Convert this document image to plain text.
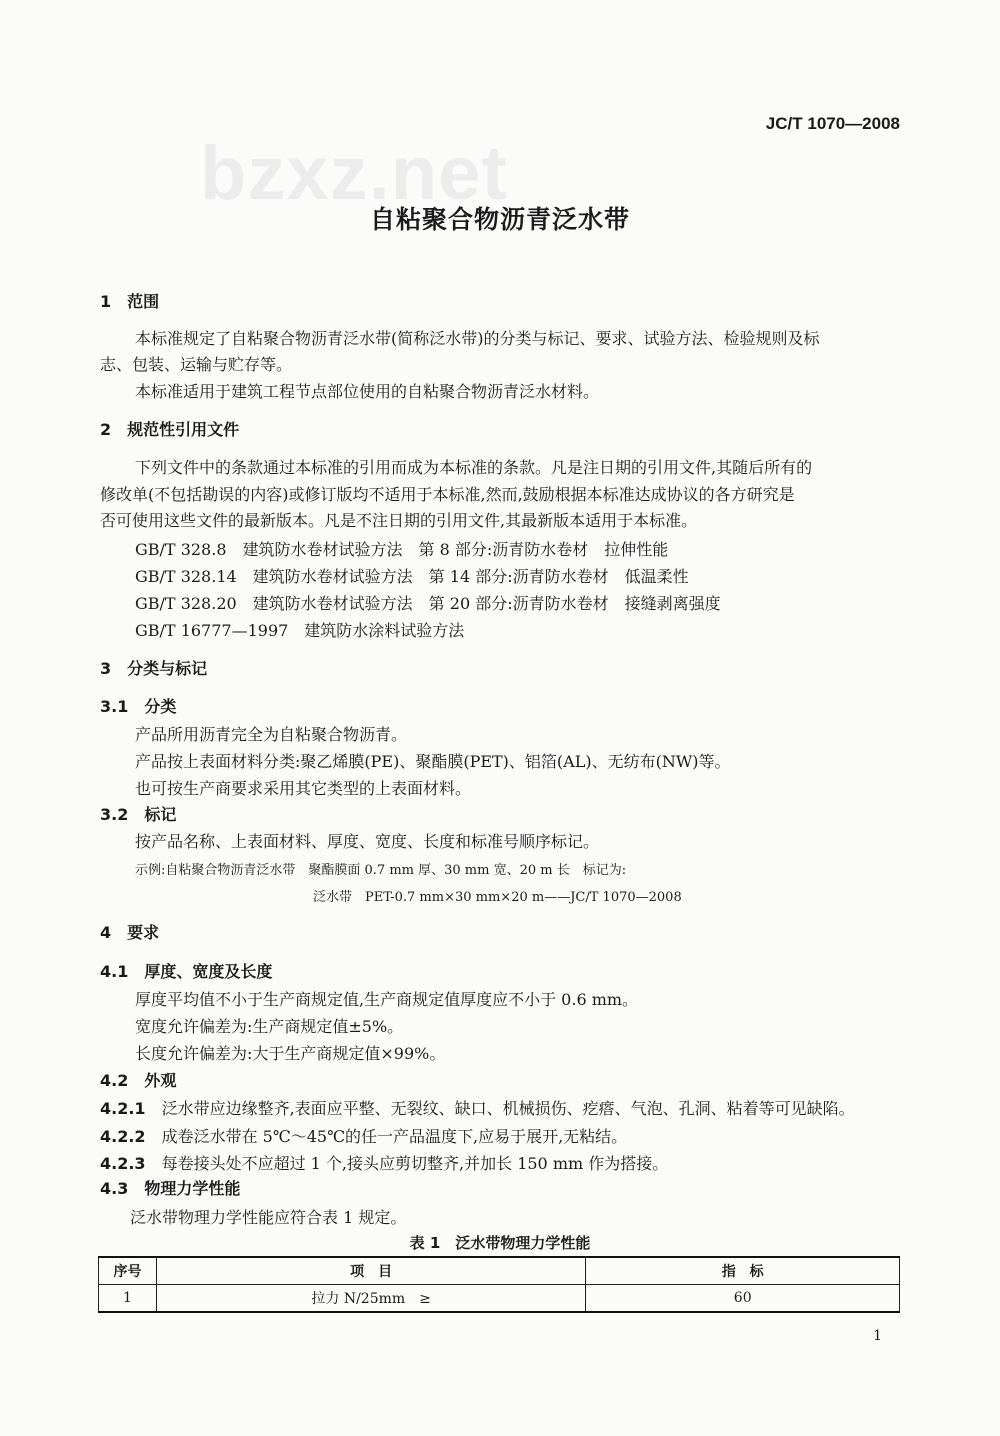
bzxz.net
JC/T 1070—2008
自粘聚合物沥青泛水带
1　 范围
本标准规定了自粘聚合物沥青泛水带(简称泛水带)的分类与标记、要求、试验方法、检验规则及标
志、包装、运输与贮存等。
本标准适用于建筑工程节点部位使用的自粘聚合物沥青泛水材料。
2　 规范性引用文件
下列文件中的条款通过本标准的引用而成为本标准的条款。凡是注日期的引用文件,其随后所有的
修改单(不包括勘误的内容)或修订版均不适用于本标准,然而,鼓励根据本标准达成协议的各方研究是
否可使用这些文件的最新版本。凡是不注日期的引用文件,其最新版本适用于本标准。
GB/T 328.8　建筑防水卷材试验方法　第 8 部分:沥青防水卷材　拉伸性能
GB/T 328.14　建筑防水卷材试验方法　第 14 部分:沥青防水卷材　低温柔性
GB/T 328.20　建筑防水卷材试验方法　第 20 部分:沥青防水卷材　接缝剥离强度
GB/T 16777—1997　建筑防水涂料试验方法
3　 分类与标记
3.1　 分类
产品所用沥青完全为自粘聚合物沥青。
产品按上表面材料分类:聚乙烯膜(PE)、聚酯膜(PET)、铝箔(AL)、无纺布(NW)等。
也可按生产商要求采用其它类型的上表面材料。
3.2　 标记
按产品名称、上表面材料、厚度、宽度、长度和标准号顺序标记。
示例:自粘聚合物沥青泛水带　聚酯膜面 0.7 mm 厚、30 mm 宽、20 m 长　标记为:
泛水带　PET-0.7 mm×30 mm×20 m——JC/T 1070—2008
4　 要求
4.1　 厚度、宽度及长度
厚度平均值不小于生产商规定值,生产商规定值厚度应不小于 0.6 mm。
宽度允许偏差为:生产商规定值±5%。
长度允许偏差为:大于生产商规定值×99%。
4.2　 外观
4.2.1　 泛水带应边缘整齐,表面应平整、无裂纹、缺口、机械损伤、疙瘩、气泡、孔洞、粘着等可见缺陷。
4.2.2　 成卷泛水带在 5℃～45℃的任一产品温度下,应易于展开,无粘结。
4.2.3　 每卷接头处不应超过 1 个,接头应剪切整齐,并加长 150 mm 作为搭接。
4.3　 物理力学性能
泛水带物理力学性能应符合表 1 规定。
表 1　泛水带物理力学性能
序号	项　目	指　标
1	拉力 N/25mm　≥	60
1
